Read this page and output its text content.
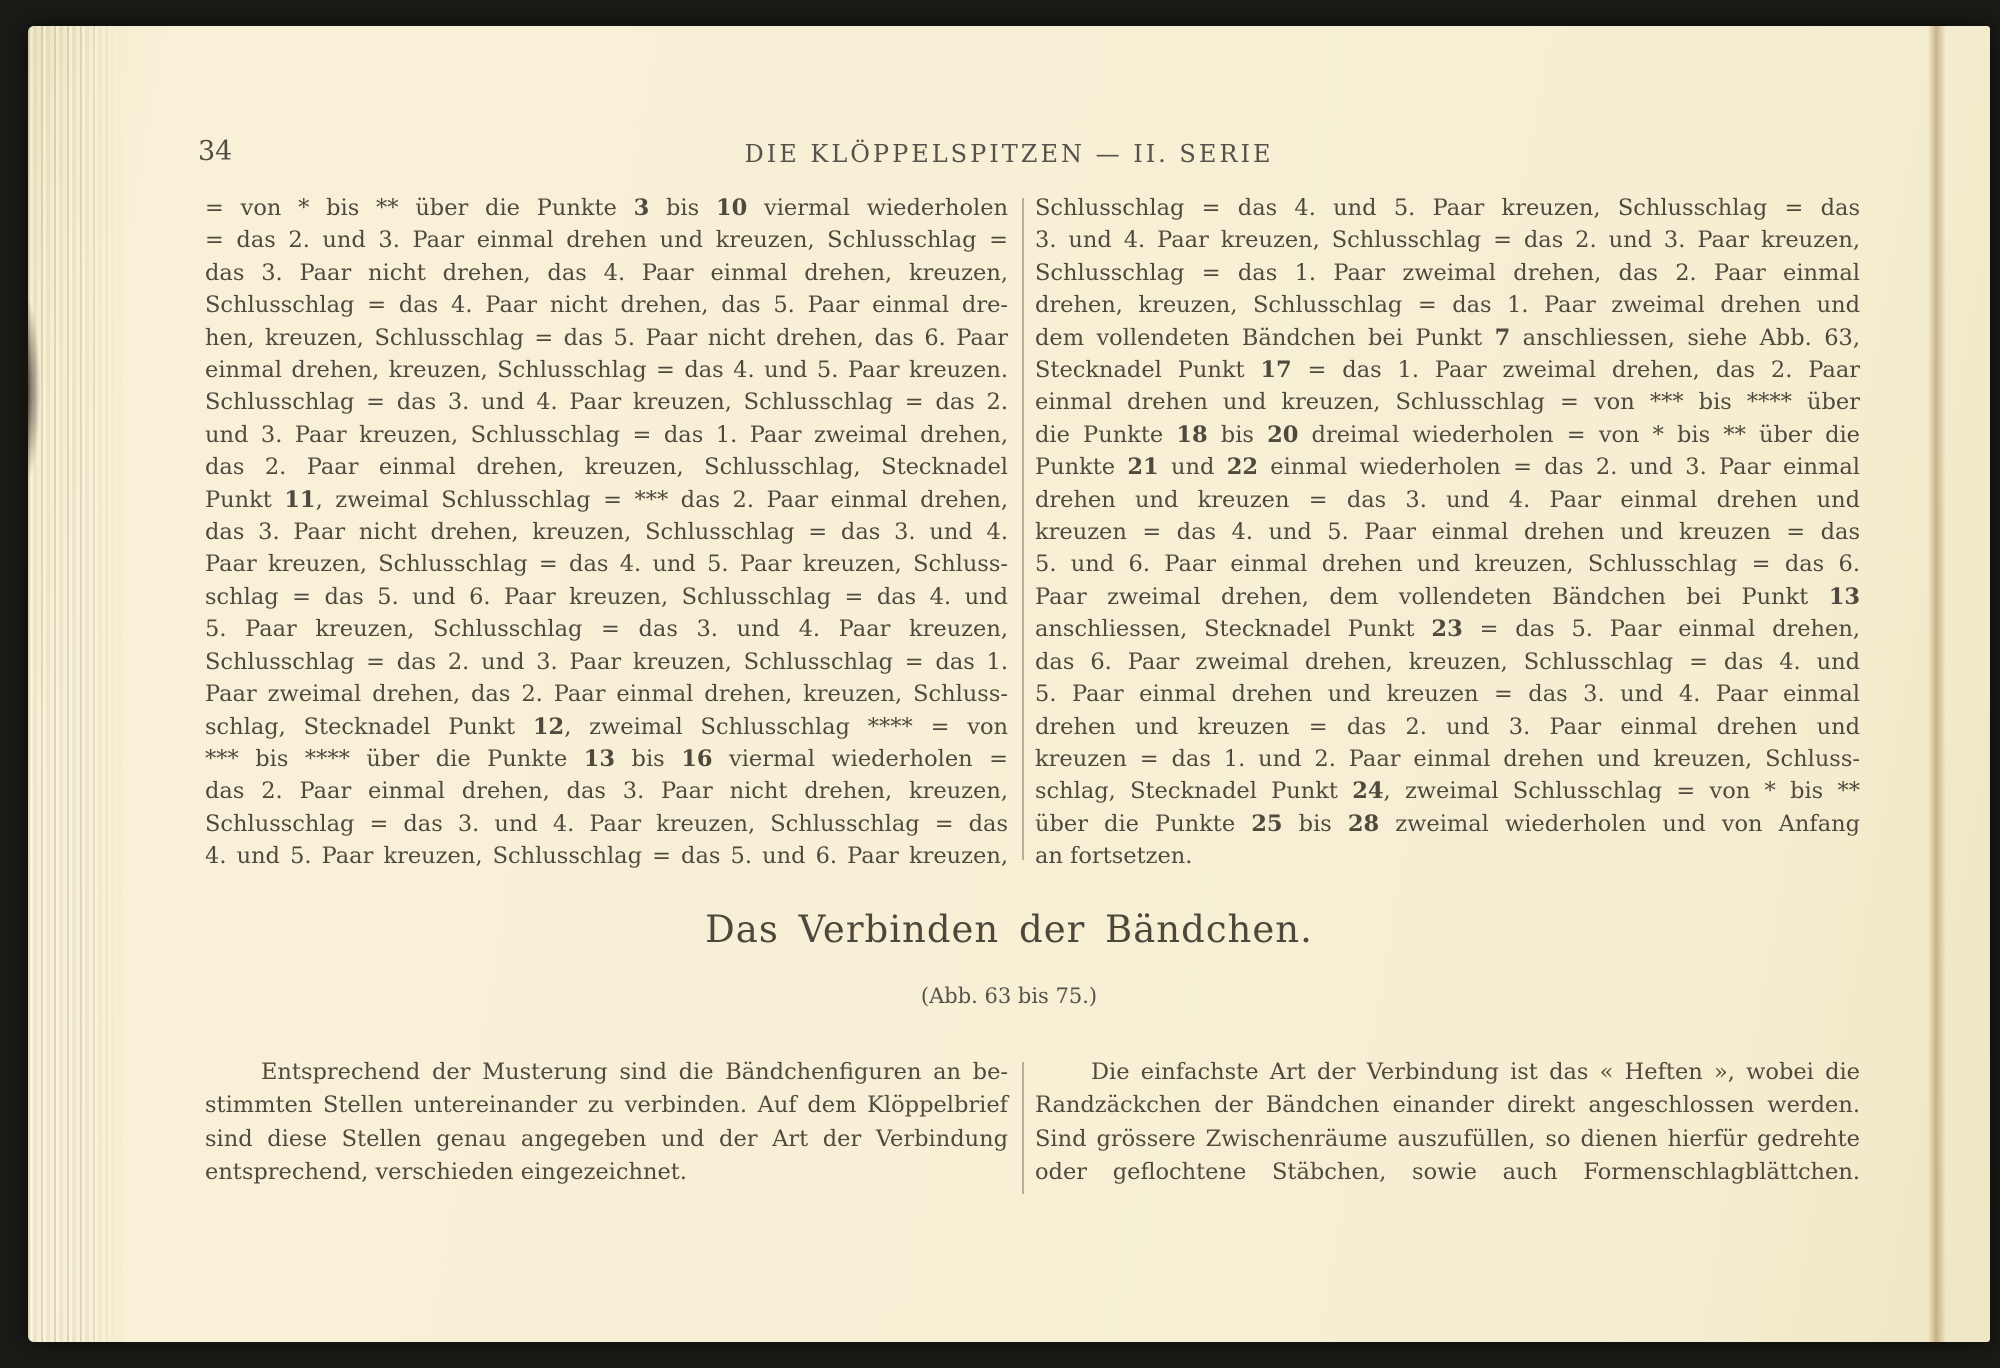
34	DIE KLÖPPELSPITZEN — II. SERIE
= von * bis ** über die Punkte 3 bis 10 viermal wiederholen
= das 2. und 3. Paar einmal drehen und kreuzen, Schlusschlag =
das 3. Paar nicht drehen, das 4. Paar einmal drehen, kreuzen,
Schlusschlag = das 4. Paar nicht drehen, das 5. Paar einmal dre-
hen, kreuzen, Schlusschlag = das 5. Paar nicht drehen, das 6. Paar
einmal drehen, kreuzen, Schlusschlag = das 4. und 5. Paar kreuzen.
Schlusschlag = das 3. und 4. Paar kreuzen, Schlusschlag = das 2.
und 3. Paar kreuzen, Schlusschlag = das 1. Paar zweimal drehen,
das 2. Paar einmal drehen, kreuzen, Schlusschlag, Stecknadel
Punkt 11, zweimal Schlusschlag = *** das 2. Paar einmal drehen,
das 3. Paar nicht drehen, kreuzen, Schlusschlag = das 3. und 4.
Paar kreuzen, Schlusschlag = das 4. und 5. Paar kreuzen, Schluss-
schlag = das 5. und 6. Paar kreuzen, Schlusschlag = das 4. und
5. Paar kreuzen, Schlusschlag = das 3. und 4. Paar kreuzen,
Schlusschlag = das 2. und 3. Paar kreuzen, Schlusschlag = das 1.
Paar zweimal drehen, das 2. Paar einmal drehen, kreuzen, Schluss-
schlag, Stecknadel Punkt 12, zweimal Schlusschlag **** = von
*** bis **** über die Punkte 13 bis 16 viermal wiederholen =
das 2. Paar einmal drehen, das 3. Paar nicht drehen, kreuzen,
Schlusschlag = das 3. und 4. Paar kreuzen, Schlusschlag = das
4. und 5. Paar kreuzen, Schlusschlag = das 5. und 6. Paar kreuzen,
Schlusschlag = das 4. und 5. Paar kreuzen, Schlusschlag = das
3. und 4. Paar kreuzen, Schlusschlag = das 2. und 3. Paar kreuzen,
Schlusschlag = das 1. Paar zweimal drehen, das 2. Paar einmal
drehen, kreuzen, Schlusschlag = das 1. Paar zweimal drehen und
dem vollendeten Bändchen bei Punkt 7 anschliessen, siehe Abb. 63,
Stecknadel Punkt 17 = das 1. Paar zweimal drehen, das 2. Paar
einmal drehen und kreuzen, Schlusschlag = von *** bis **** über
die Punkte 18 bis 20 dreimal wiederholen = von * bis ** über die
Punkte 21 und 22 einmal wiederholen = das 2. und 3. Paar einmal
drehen und kreuzen = das 3. und 4. Paar einmal drehen und
kreuzen = das 4. und 5. Paar einmal drehen und kreuzen = das
5. und 6. Paar einmal drehen und kreuzen, Schlusschlag = das 6.
Paar zweimal drehen, dem vollendeten Bändchen bei Punkt 13
anschliessen, Stecknadel Punkt 23 = das 5. Paar einmal drehen,
das 6. Paar zweimal drehen, kreuzen, Schlusschlag = das 4. und
5. Paar einmal drehen und kreuzen = das 3. und 4. Paar einmal
drehen und kreuzen = das 2. und 3. Paar einmal drehen und
kreuzen = das 1. und 2. Paar einmal drehen und kreuzen, Schluss-
schlag, Stecknadel Punkt 24, zweimal Schlusschlag = von * bis **
über die Punkte 25 bis 28 zweimal wiederholen und von Anfang
an fortsetzen.
Das Verbinden der Bändchen.
(Abb. 63 bis 75.)
Entsprechend der Musterung sind die Bändchenfiguren an be-
stimmten Stellen untereinander zu verbinden. Auf dem Klöppelbrief
sind diese Stellen genau angegeben und der Art der Verbindung
entsprechend, verschieden eingezeichnet.
Die einfachste Art der Verbindung ist das « Heften », wobei die
Randzäckchen der Bändchen einander direkt angeschlossen werden.
Sind grössere Zwischenräume auszufüllen, so dienen hierfür gedrehte
oder geflochtene Stäbchen, sowie auch Formenschlagblättchen.
